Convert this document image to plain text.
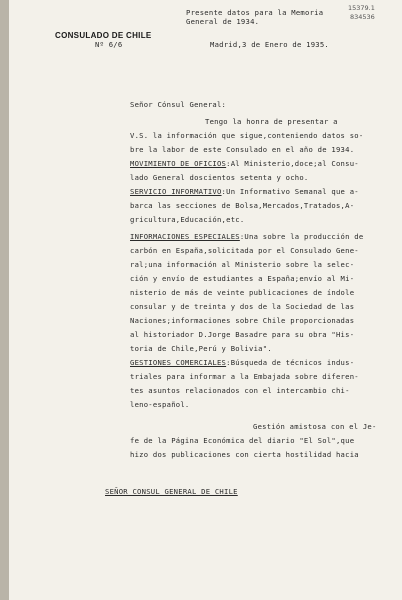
15379.1
834536
Presente datos para la Memoria
General de 1934.
CONSULADO DE CHILE
Nº 6/6	Madrid,3 de Enero de 1935.
Señor Cónsul General:
Tengo la honra de presentar a
V.S. la información que sigue,conteniendo datos so-
bre la labor de este Consulado en el año de 1934.
MOVIMIENTO DE OFICIOS:Al Ministerio,doce;al Consu-
lado General doscientos setenta y ocho.
SERVICIO INFORMATIVO:Un Informativo Semanal que a-
barca las secciones de Bolsa,Mercados,Tratados,A-
gricultura,Educación,etc.
INFORMACIONES ESPECIALES:Una sobre la producción de
carbón en España,solicitada por el Consulado Gene-
ral;una información al Ministerio sobre la selec-
ción y envío de estudiantes a España;envío al Mi-
nisterio de más de veinte publicaciones de índole
consular y de treinta y dos de la Sociedad de las
Naciones;informaciones sobre Chile proporcionadas
al historiador D.Jorge Basadre para su obra "His-
toria de Chile,Perú y Bolivia".
GESTIONES COMERCIALES:Búsqueda de técnicos indus-
triales para informar a la Embajada sobre diferen-
tes asuntos relacionados con el intercambio chi-
leno-español.
Gestión amistosa con el Je-
fe de la Página Económica del diario "El Sol",que
hizo dos publicaciones con cierta hostilidad hacia
SEÑOR CONSUL GENERAL DE CHILE
